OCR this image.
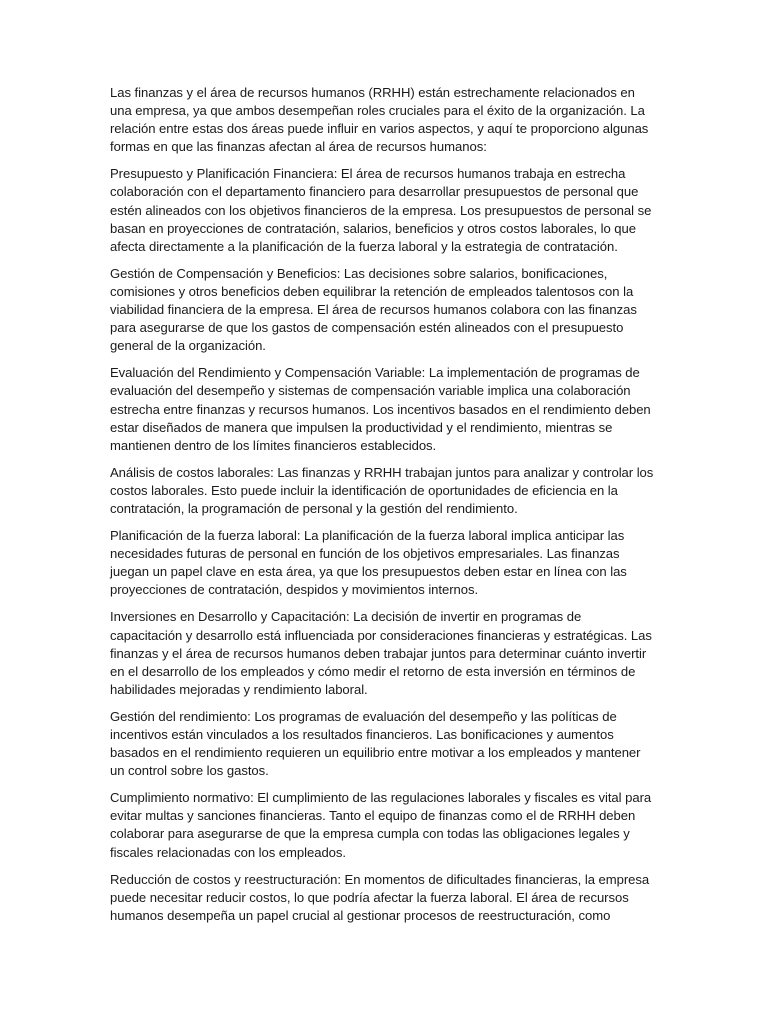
Las finanzas y el área de recursos humanos (RRHH) están estrechamente relacionados en una empresa, ya que ambos desempeñan roles cruciales para el éxito de la organización. La relación entre estas dos áreas puede influir en varios aspectos, y aquí te proporciono algunas formas en que las finanzas afectan al área de recursos humanos:

Presupuesto y Planificación Financiera: El área de recursos humanos trabaja en estrecha colaboración con el departamento financiero para desarrollar presupuestos de personal que estén alineados con los objetivos financieros de la empresa. Los presupuestos de personal se basan en proyecciones de contratación, salarios, beneficios y otros costos laborales, lo que afecta directamente a la planificación de la fuerza laboral y la estrategia de contratación.

Gestión de Compensación y Beneficios: Las decisiones sobre salarios, bonificaciones, comisiones y otros beneficios deben equilibrar la retención de empleados talentosos con la viabilidad financiera de la empresa. El área de recursos humanos colabora con las finanzas para asegurarse de que los gastos de compensación estén alineados con el presupuesto general de la organización.

Evaluación del Rendimiento y Compensación Variable: La implementación de programas de evaluación del desempeño y sistemas de compensación variable implica una colaboración estrecha entre finanzas y recursos humanos. Los incentivos basados en el rendimiento deben estar diseñados de manera que impulsen la productividad y el rendimiento, mientras se mantienen dentro de los límites financieros establecidos.

Análisis de costos laborales: Las finanzas y RRHH trabajan juntos para analizar y controlar los costos laborales. Esto puede incluir la identificación de oportunidades de eficiencia en la contratación, la programación de personal y la gestión del rendimiento.

Planificación de la fuerza laboral: La planificación de la fuerza laboral implica anticipar las necesidades futuras de personal en función de los objetivos empresariales. Las finanzas juegan un papel clave en esta área, ya que los presupuestos deben estar en línea con las proyecciones de contratación, despidos y movimientos internos.

Inversiones en Desarrollo y Capacitación: La decisión de invertir en programas de capacitación y desarrollo está influenciada por consideraciones financieras y estratégicas. Las finanzas y el área de recursos humanos deben trabajar juntos para determinar cuánto invertir en el desarrollo de los empleados y cómo medir el retorno de esta inversión en términos de habilidades mejoradas y rendimiento laboral.

Gestión del rendimiento: Los programas de evaluación del desempeño y las políticas de incentivos están vinculados a los resultados financieros. Las bonificaciones y aumentos basados en el rendimiento requieren un equilibrio entre motivar a los empleados y mantener un control sobre los gastos.

Cumplimiento normativo: El cumplimiento de las regulaciones laborales y fiscales es vital para evitar multas y sanciones financieras. Tanto el equipo de finanzas como el de RRHH deben colaborar para asegurarse de que la empresa cumpla con todas las obligaciones legales y fiscales relacionadas con los empleados.

Reducción de costos y reestructuración: En momentos de dificultades financieras, la empresa puede necesitar reducir costos, lo que podría afectar la fuerza laboral. El área de recursos humanos desempeña un papel crucial al gestionar procesos de reestructuración, como
